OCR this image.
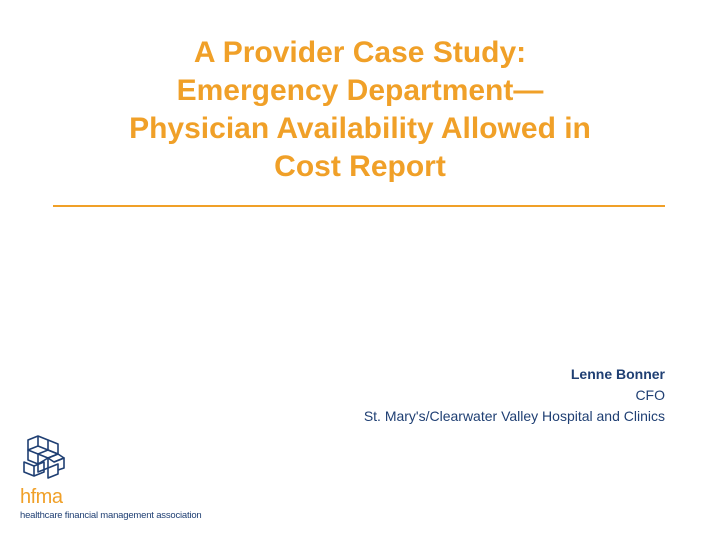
A Provider Case Study:
Emergency Department—
Physician Availability Allowed in
Cost Report
Lenne Bonner
CFO
St. Mary's/Clearwater Valley Hospital and Clinics
hfma
healthcare financial management association
